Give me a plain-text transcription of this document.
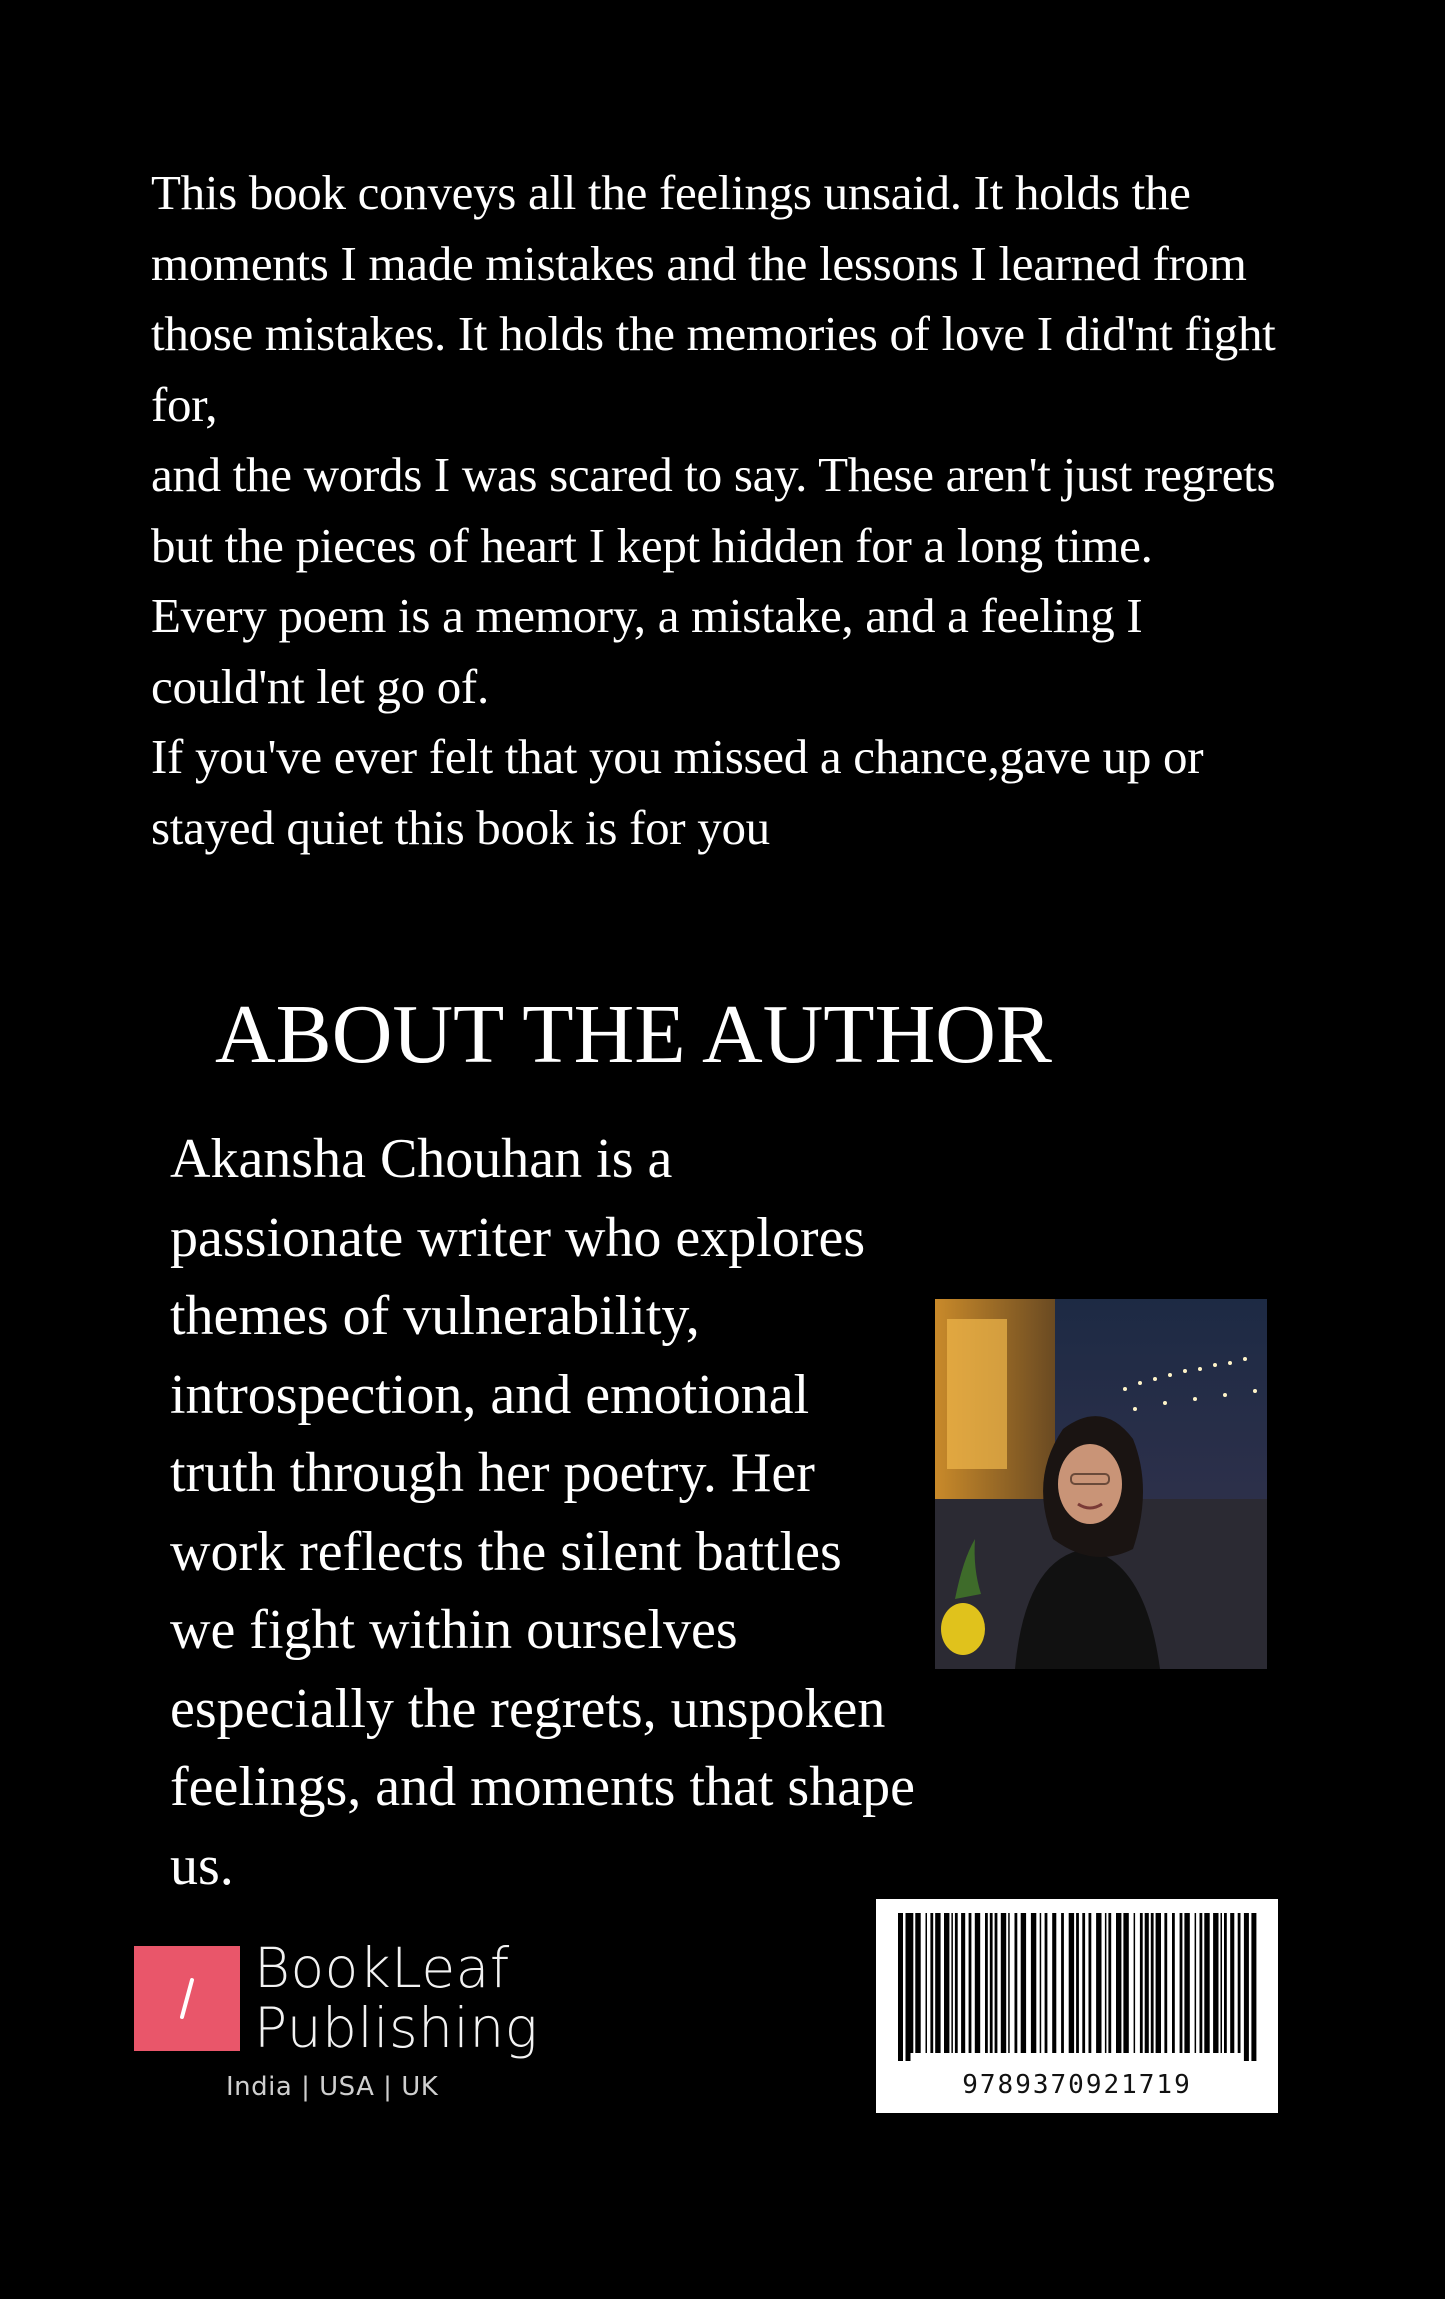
This book conveys all the feelings unsaid. It holds the moments I made mistakes and the lessons I learned from those mistakes. It holds the memories of love I did'nt fight for,

and the words I was scared to say. These aren't just regrets but the pieces of heart I kept hidden for a long time.

Every poem is a memory, a mistake, and a feeling I could'nt let go of.

If you've ever felt that you missed a chance,gave up or stayed quiet this book is for you

ABOUT THE AUTHOR
Akansha Chouhan is a
passionate writer who explores
themes of vulnerability,
introspection, and emotional
truth through her poetry. Her
work reflects the silent battles
we fight within ourselves
especially the regrets, unspoken
feelings, and moments that shape
us.
BookLeaf
Publishing
India | USA | UK	9789370921719
